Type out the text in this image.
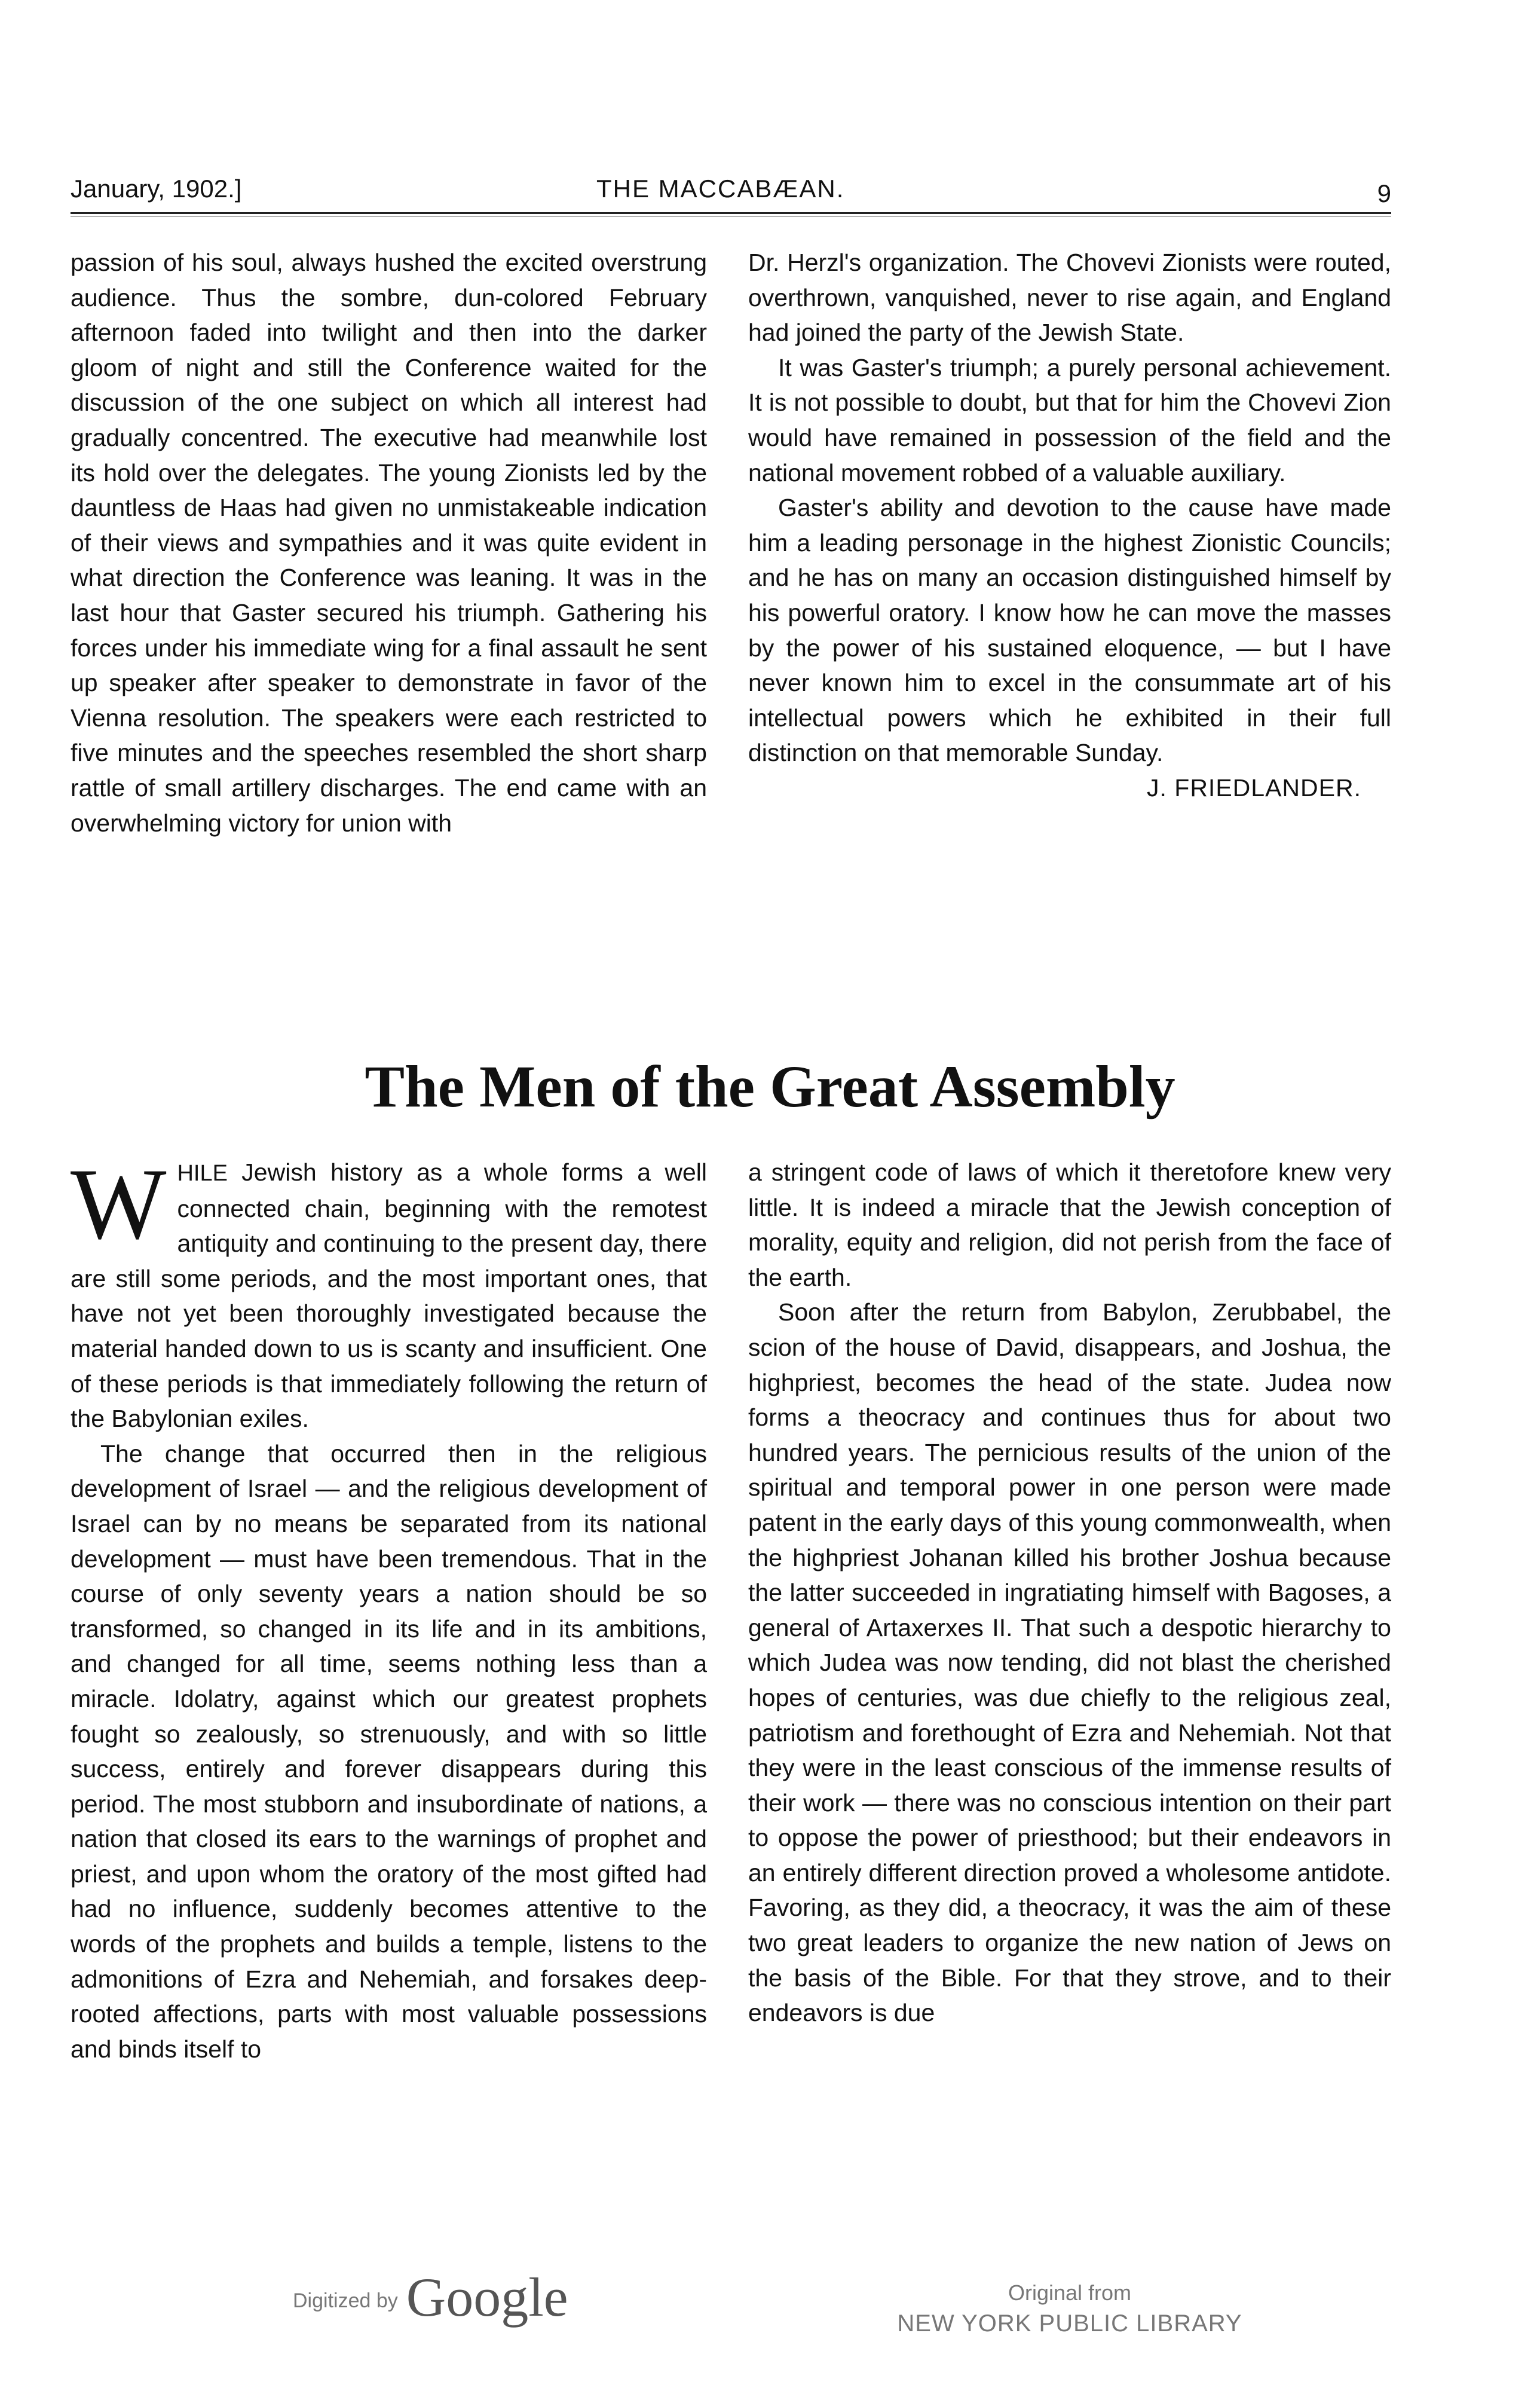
January, 1902.]	THE MACCABÆAN.	9

passion of his soul, always hushed the excited overstrung audience. Thus the sombre, dun-colored February afternoon faded into twilight and then into the darker gloom of night and still the Conference waited for the discussion of the one subject on which all interest had gradually concentred. The executive had meanwhile lost its hold over the delegates. The young Zionists led by the dauntless de Haas had given no unmistakeable indication of their views and sympathies and it was quite evident in what direction the Conference was leaning. It was in the last hour that Gaster secured his triumph. Gathering his forces under his immediate wing for a final assault he sent up speaker after speaker to demonstrate in favor of the Vienna resolution. The speakers were each restricted to five minutes and the speeches resembled the short sharp rattle of small artillery discharges. The end came with an overwhelming victory for union with

Dr. Herzl's organization. The Chovevi Zionists were routed, overthrown, vanquished, never to rise again, and England had joined the party of the Jewish State.

It was Gaster's triumph; a purely personal achievement. It is not possible to doubt, but that for him the Chovevi Zion would have remained in possession of the field and the national movement robbed of a valuable auxiliary.

Gaster's ability and devotion to the cause have made him a leading personage in the highest Zionistic Councils; and he has on many an occasion distinguished himself by his powerful oratory. I know how he can move the masses by the power of his sustained eloquence, — but I have never known him to excel in the consummate art of his intellectual powers which he exhibited in their full distinction on that memorable Sunday.

J. FRIEDLANDER.

The Men of the Great Assembly

WHILE Jewish history as a whole forms a well connected chain, beginning with the remotest antiquity and continuing to the present day, there are still some periods, and the most important ones, that have not yet been thoroughly investigated because the material handed down to us is scanty and insufficient. One of these periods is that immediately following the return of the Babylonian exiles.

The change that occurred then in the religious development of Israel — and the religious development of Israel can by no means be separated from its national development — must have been tremendous. That in the course of only seventy years a nation should be so transformed, so changed in its life and in its ambitions, and changed for all time, seems nothing less than a miracle. Idolatry, against which our greatest prophets fought so zealously, so strenuously, and with so little success, entirely and forever disappears during this period. The most stubborn and insubordinate of nations, a nation that closed its ears to the warnings of prophet and priest, and upon whom the oratory of the most gifted had had no influence, suddenly becomes attentive to the words of the prophets and builds a temple, listens to the admonitions of Ezra and Nehemiah, and forsakes deep-rooted affections, parts with most valuable possessions and binds itself to

a stringent code of laws of which it theretofore knew very little. It is indeed a miracle that the Jewish conception of morality, equity and religion, did not perish from the face of the earth.

Soon after the return from Babylon, Zerubbabel, the scion of the house of David, disappears, and Joshua, the highpriest, becomes the head of the state. Judea now forms a theocracy and continues thus for about two hundred years. The pernicious results of the union of the spiritual and temporal power in one person were made patent in the early days of this young commonwealth, when the highpriest Johanan killed his brother Joshua because the latter succeeded in ingratiating himself with Bagoses, a general of Artaxerxes II. That such a despotic hierarchy to which Judea was now tending, did not blast the cherished hopes of centuries, was due chiefly to the religious zeal, patriotism and forethought of Ezra and Nehemiah. Not that they were in the least conscious of the immense results of their work — there was no conscious intention on their part to oppose the power of priesthood; but their endeavors in an entirely different direction proved a wholesome antidote. Favoring, as they did, a theocracy, it was the aim of these two great leaders to organize the new nation of Jews on the basis of the Bible. For that they strove, and to their endeavors is due

Digitized by Google	Original from
NEW YORK PUBLIC LIBRARY
